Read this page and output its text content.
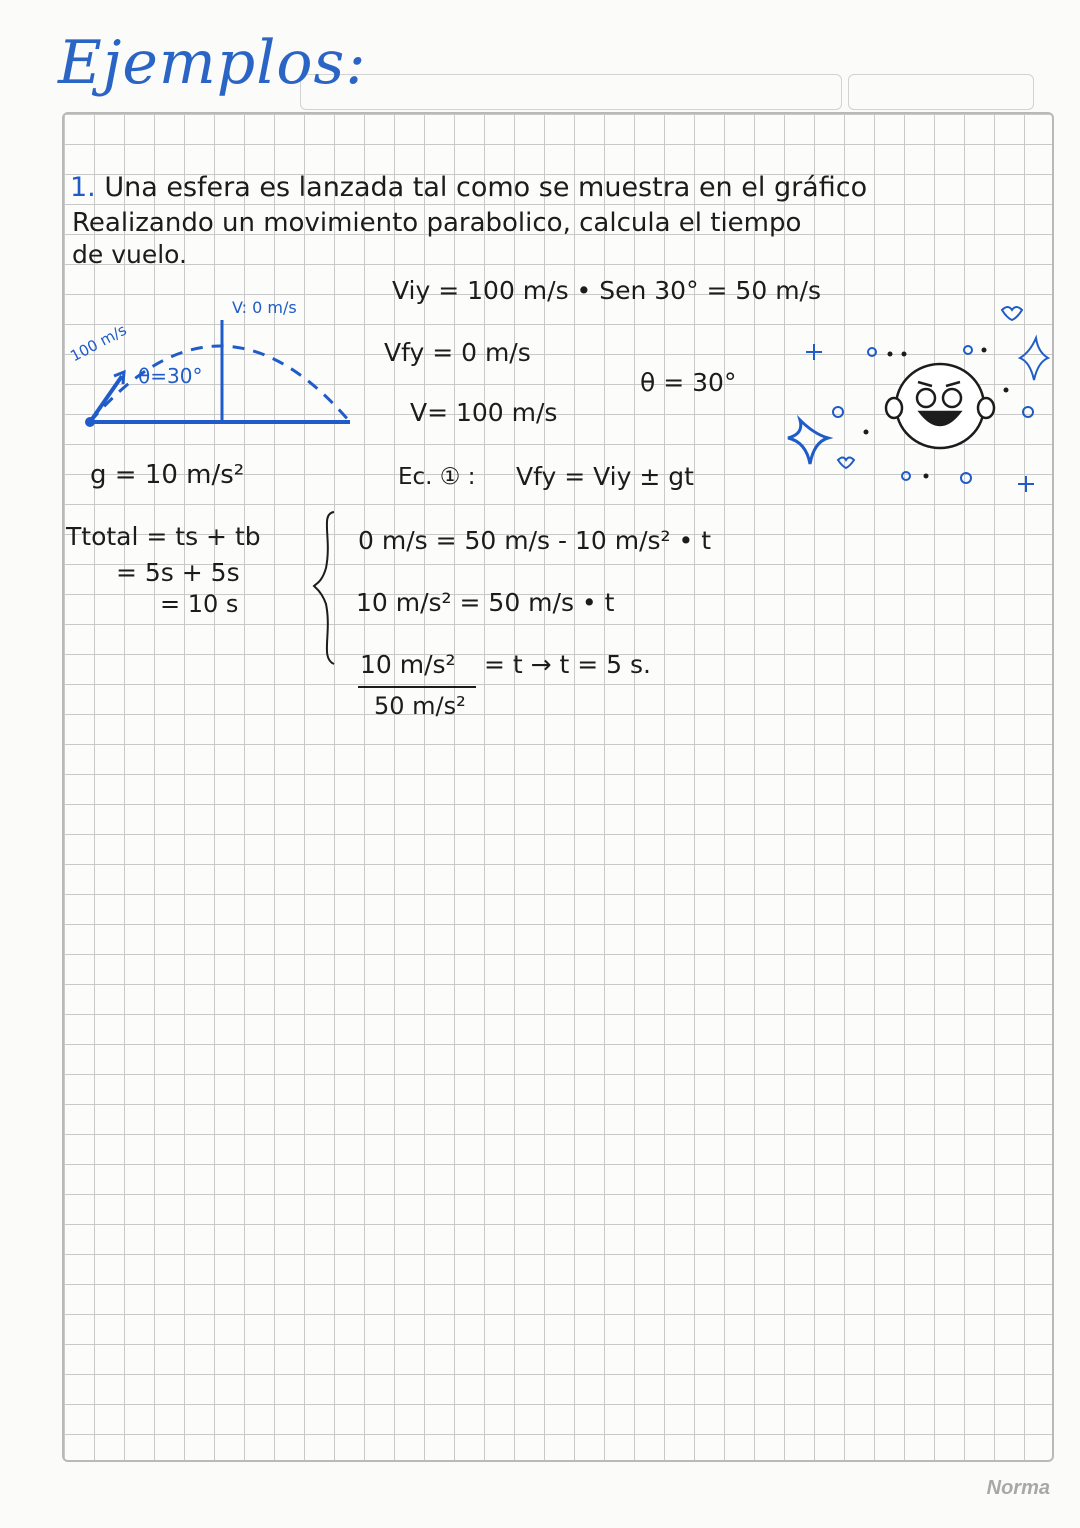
Ejemplos:
1. Una esfera es lanzada tal como se muestra en el gráfico
Realizando un movimiento parabolico, calcula el tiempo
de vuelo.
V: 0 m/s
100 m/s
θ=30°
g = 10 m/s²
Viy = 100 m/s • Sen 30° = 50 m/s
Vfy = 0 m/s
θ = 30°
V= 100 m/s
Ec. ① : Vfy = Viy ± gt
Ttotal = ts + tb
= 5s + 5s
= 10 s
0 m/s = 50 m/s - 10 m/s² • t
10 m/s² = 50 m/s • t
10 m/s² = t → t = 5 s.
50 m/s²
Norma
